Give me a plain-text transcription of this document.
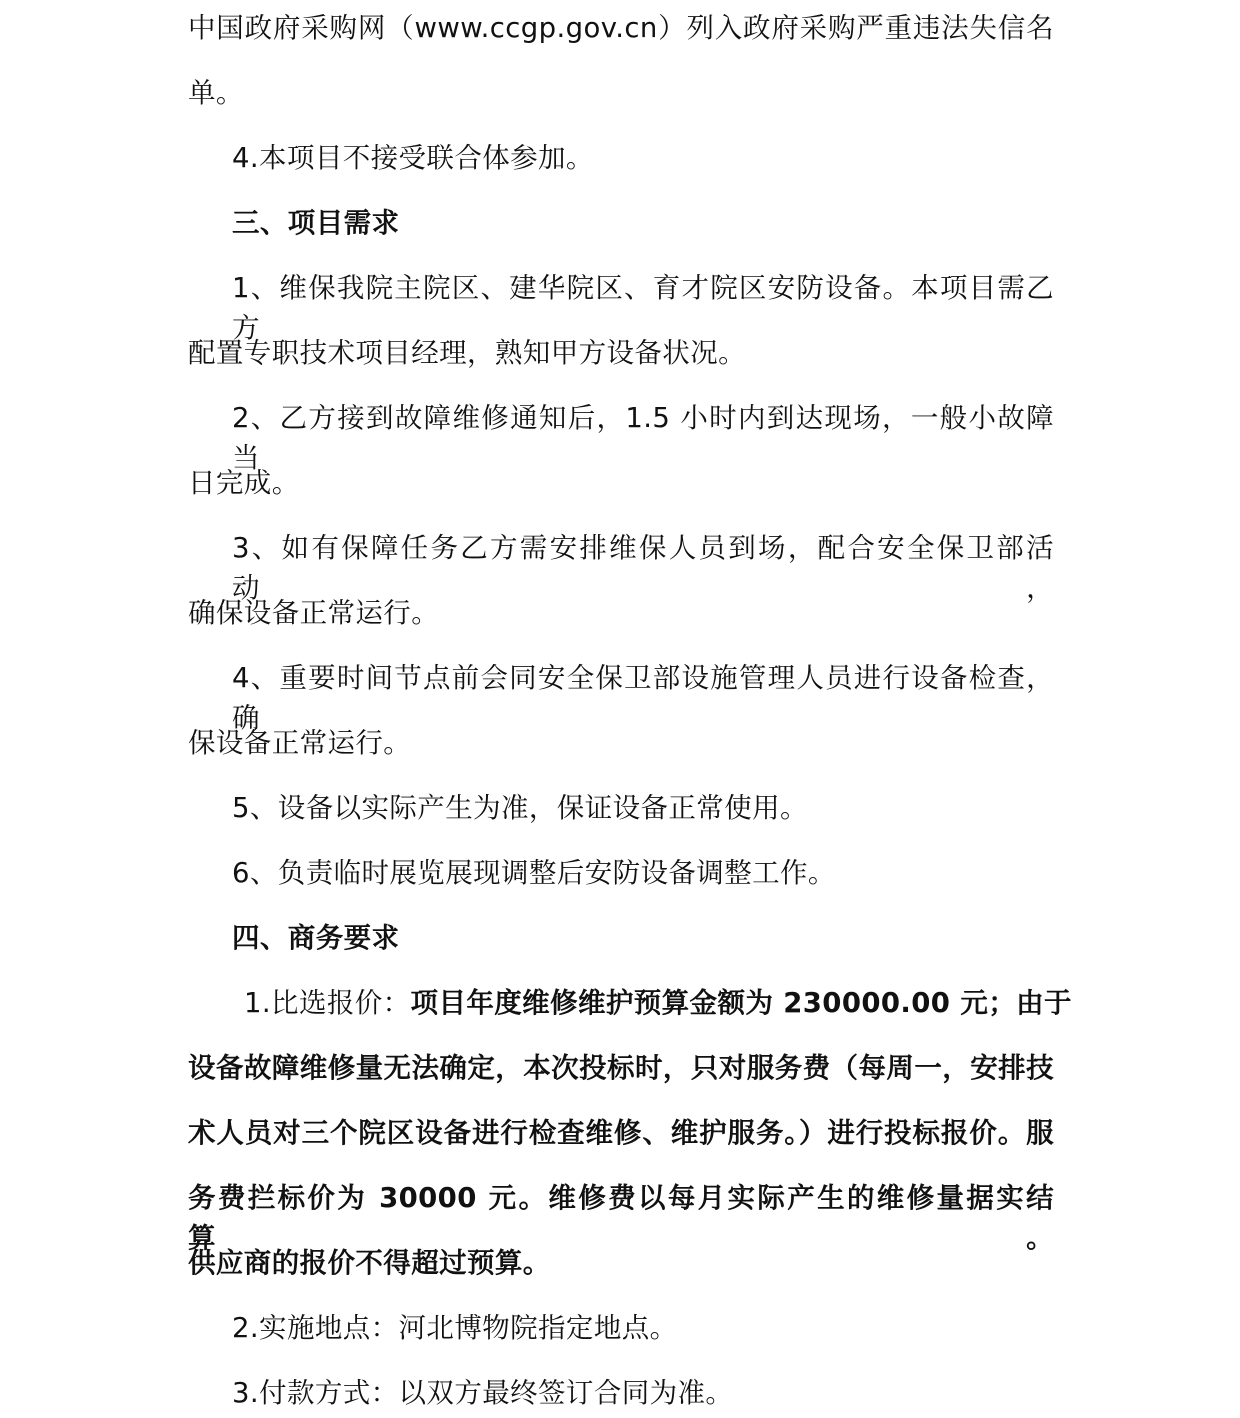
中国政府采购网（www.ccgp.gov.cn）列入政府采购严重违法失信名
单。
4.本项目不接受联合体参加。
三、项目需求
1、维保我院主院区、建华院区、育才院区安防设备。本项目需乙方
配置专职技术项目经理，熟知甲方设备状况。
2、乙方接到故障维修通知后，1.5 小时内到达现场，一般小故障当
日完成。
3、如有保障任务乙方需安排维保人员到场，配合安全保卫部活动，
确保设备正常运行。
4、重要时间节点前会同安全保卫部设施管理人员进行设备检查，确
保设备正常运行。
5、设备以实际产生为准，保证设备正常使用。
6、负责临时展览展现调整后安防设备调整工作。
四、商务要求
1.比选报价： 项目年度维修维护预算金额为 230000.00 元；由于
设备故障维修量无法确定，本次投标时，只对服务费（每周一，安排技
术人员对三个院区设备进行检查维修、维护服务。）进行投标报价。服
务费拦标价为 30000 元。维修费以每月实际产生的维修量据实结算。
供应商的报价不得超过预算。
2.实施地点：河北博物院指定地点。
3.付款方式：以双方最终签订合同为准。
